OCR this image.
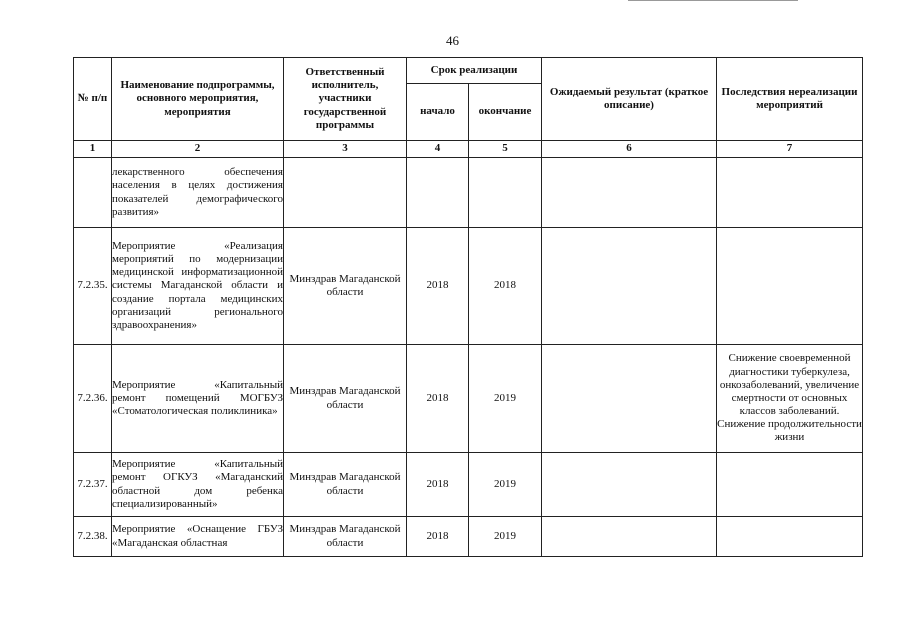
46
№ п/п	Наименование подпрограммы, основного мероприятия, мероприятия	Ответственный исполнитель, участники государственной программы	Срок реализации		Ожидаемый результат (краткое описание)	Последствия нереализации мероприятий
			начало	окончание		
1	2	3	4	5	6	7
	лекарственного обеспечения населения в целях достижения показателей демографического развития»					
7.2.35.	Мероприятие «Реализация мероприятий по модернизации медицинской информатизационной системы Магаданской области и создание портала медицинских организаций регионального здравоохранения»	Минздрав Магаданской области	2018	2018		
7.2.36.	Мероприятие «Капитальный ремонт помещений МОГБУЗ «Стоматологическая поликлиника»	Минздрав Магаданской области	2018	2019		Снижение своевременной диагностики туберкулеза, онкозаболеваний, увеличение смертности от основных классов заболеваний. Снижение продолжительности жизни
7.2.37.	Мероприятие «Капитальный ремонт ОГКУЗ «Магаданский областной дом ребенка специализированный»	Минздрав Магаданской области	2018	2019		
7.2.38.	Мероприятие «Оснащение ГБУЗ «Магаданская областная	Минздрав Магаданской области	2018	2019		
